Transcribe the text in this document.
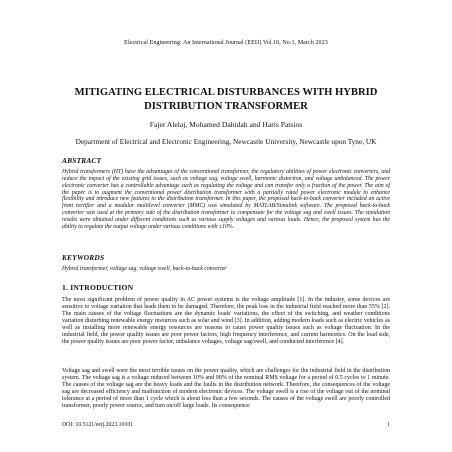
Electrical Engineering: An International Journal (EEIJ) Vol.10, No.1, March 2023
MITIGATING ELECTRICAL DISTURBANCES WITH HYBRID DISTRIBUTION TRANSFORMER
Fajer Alelaj, Mohamed Dahidah and Haris Patsios
Department of Electrical and Electronic Engineering, Newcastle University, Newcastle upon Tyne, UK
ABSTRACT
Hybrid transformers (HT) have the advantages of the conventional transformer, the regulatory abilities of power electronic converters, and reduce the impact of the existing grid issues, such as voltage sag, voltage swell, harmonic distortion, and voltage unbalanced. The power electronic converter has a controllable advantage such as regulating the voltage and can transfer only a fraction of the power. The aim of the paper is to augment the conventional power distribution transformer with a partially rated power electronic module to enhance flexibility and introduce new features to the distribution transformer. In this paper, the proposed back-to-back converter included an active front rectifier and a modular multilevel converter (MMC) was simulated by MATLAB/Simulink software. The proposed back-to-back converter was used at the primary side of the distribution transformer to compensate for the voltage sag and swell issues. The simulation results were obtained under different conditions such as various supply voltages and various loads. Hence, the proposed system has the ability to regulate the output voltage under various conditions with ±10%.
KEYWORDS
Hybrid transformer, voltage sag, voltage swell, back-to-back converter
1. INTRODUCTION
The most significant problem of power quality in AC power systems is the voltage amplitude [1]. In the industry, some devices are sensitive to voltage variation that leads them to be damaged. Therefore, the peak loss in the industrial field reached more than 55% [2]. The main causes of the voltage fluctuations are the dynamic loads' variations, the effect of the switching, and weather conditions variation disturbing renewable energy resources such as solar and wind [3]. In addition, adding modern loads such as electric vehicles as well as installing more renewable energy resources are reasons to cause power quality issues such as voltage fluctuation. In the industrial field, the power quality issues are poor power factors, high frequency interference, and current harmonics. On the load side, the power quality issues are poor power factor, unbalance voltages, voltage sag/swell, and conducted interference [4].
Voltage sag and swell were the most terrible issues on the power quality, which are challenges for the industrial field in the distribution system. The voltage sag is a voltage reduced between 10% and 90% of the nominal RMS voltage for a period of 0.5 cycles to 1 minute. The causes of the voltage sag are the heavy loads and the faults in the distribution network. Therefore, the consequences of the voltage sag are decreased efficiency and malfunction of modern electronic devices. The voltage swell is a rise of the voltage out of the nominal tolerance at a period of more than 1 cycle which is about less than a few seconds. The causes of the voltage swell are poorly controlled transformer, poorly power source, and turn on/off large loads. Its consequence
DOI: 10.5121/eeij.2023.10101	1
